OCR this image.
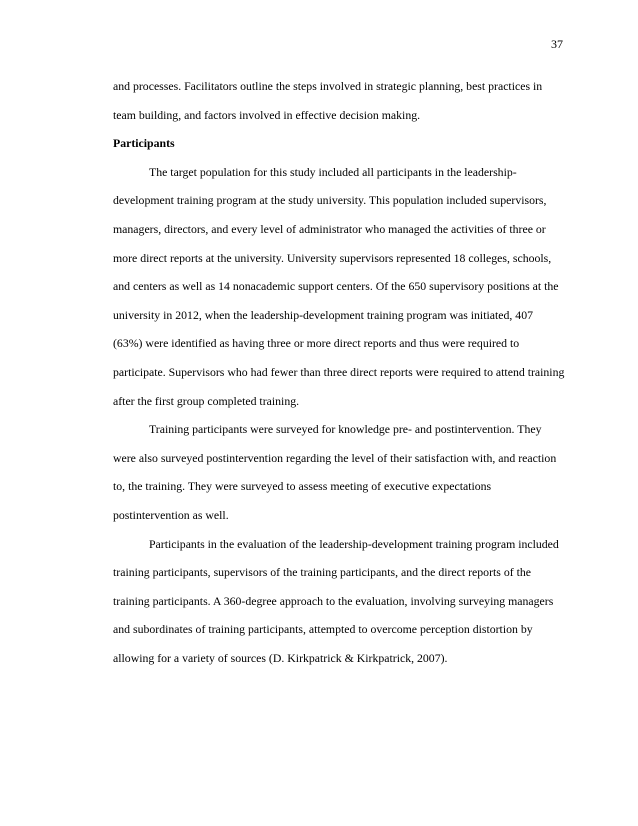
37

and processes. Facilitators outline the steps involved in strategic planning, best practices in team building, and factors involved in effective decision making.

Participants

The target population for this study included all participants in the leadership-development training program at the study university. This population included supervisors, managers, directors, and every level of administrator who managed the activities of three or more direct reports at the university. University supervisors represented 18 colleges, schools, and centers as well as 14 nonacademic support centers. Of the 650 supervisory positions at the university in 2012, when the leadership-development training program was initiated, 407 (63%) were identified as having three or more direct reports and thus were required to participate. Supervisors who had fewer than three direct reports were required to attend training after the first group completed training.

Training participants were surveyed for knowledge pre- and postintervention. They were also surveyed postintervention regarding the level of their satisfaction with, and reaction to, the training. They were surveyed to assess meeting of executive expectations postintervention as well.

Participants in the evaluation of the leadership-development training program included training participants, supervisors of the training participants, and the direct reports of the training participants. A 360-degree approach to the evaluation, involving surveying managers and subordinates of training participants, attempted to overcome perception distortion by allowing for a variety of sources (D. Kirkpatrick & Kirkpatrick, 2007).
